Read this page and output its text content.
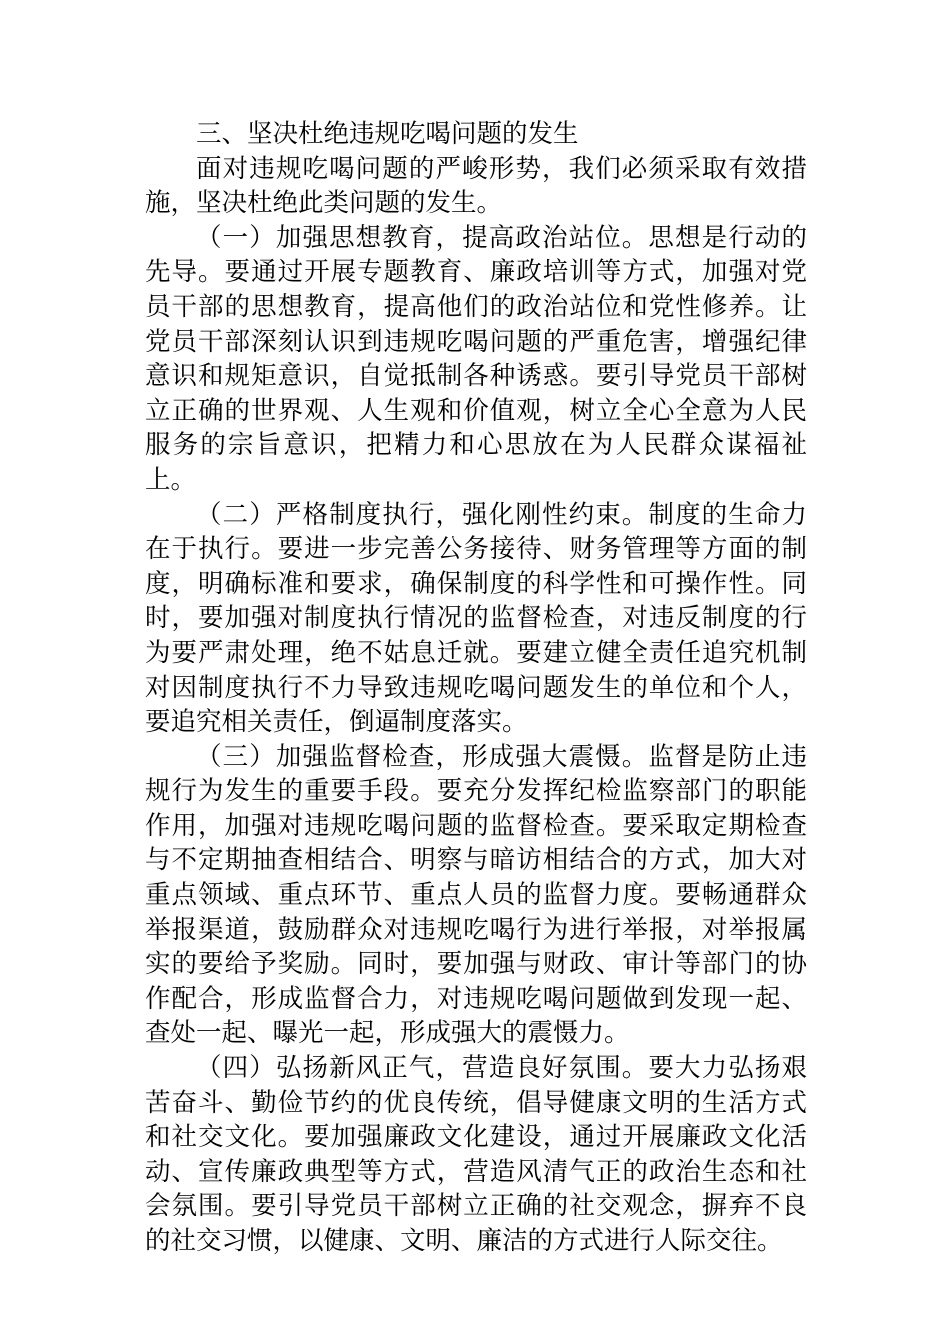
三、坚决杜绝违规吃喝问题的发生

面对违规吃喝问题的严峻形势，我们必须采取有效措施，坚决杜绝此类问题的发生。

（一）加强思想教育，提高政治站位。思想是行动的先导。要通过开展专题教育、廉政培训等方式，加强对党员干部的思想教育，提高他们的政治站位和党性修养。让党员干部深刻认识到违规吃喝问题的严重危害，增强纪律意识和规矩意识，自觉抵制各种诱惑。要引导党员干部树立正确的世界观、人生观和价值观，树立全心全意为人民服务的宗旨意识，把精力和心思放在为人民群众谋福祉上。

（二）严格制度执行，强化刚性约束。制度的生命力在于执行。要进一步完善公务接待、财务管理等方面的制度，明确标准和要求，确保制度的科学性和可操作性。同时，要加强对制度执行情况的监督检查，对违反制度的行为要严肃处理，绝不姑息迁就。要建立健全责任追究机制对因制度执行不力导致违规吃喝问题发生的单位和个人，要追究相关责任，倒逼制度落实。

（三）加强监督检查，形成强大震慑。监督是防止违规行为发生的重要手段。要充分发挥纪检监察部门的职能作用，加强对违规吃喝问题的监督检查。要采取定期检查与不定期抽查相结合、明察与暗访相结合的方式，加大对重点领域、重点环节、重点人员的监督力度。要畅通群众举报渠道，鼓励群众对违规吃喝行为进行举报，对举报属实的要给予奖励。同时，要加强与财政、审计等部门的协作配合，形成监督合力，对违规吃喝问题做到发现一起、查处一起、曝光一起，形成强大的震慑力。

（四）弘扬新风正气，营造良好氛围。要大力弘扬艰苦奋斗、勤俭节约的优良传统，倡导健康文明的生活方式和社交文化。要加强廉政文化建设，通过开展廉政文化活动、宣传廉政典型等方式，营造风清气正的政治生态和社会氛围。要引导党员干部树立正确的社交观念，摒弃不良的社交习惯，以健康、文明、廉洁的方式进行人际交往。
